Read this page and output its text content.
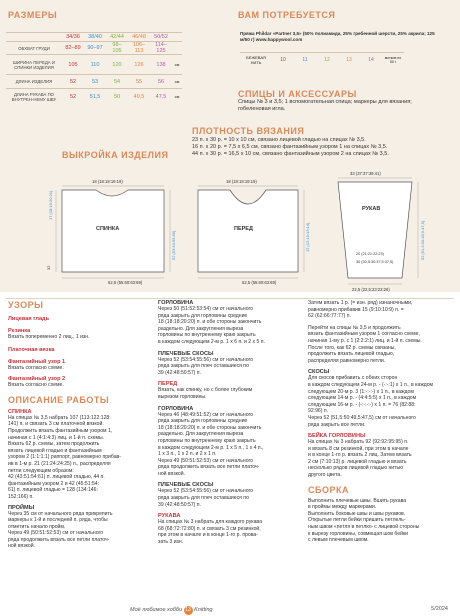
РАЗМЕРЫ
	34/36	38/40	42/44	46/48	50/52	
ОБХВАТ ГРУДИ	82–89	90–97	98–105	106–113	114–125	
ШИРИНА ПЕРЕДА И СПИНКИ ИЗДЕЛИЯ	105	110	120	126	138	см
ДЛИНА ИЗДЕЛИЯ	52	53	54	55	56	см
ДЛИНА РУКАВА ПО ВНУТРЕН-НЕМУ ШВУ	52	51,5	50	49,5	47,5	см
ВАМ ПОТРЕБУЕТСЯ
Пряжа Phildar «Partner 3,5» (50% полиамида, 25% гребенной шерсти, 25% акрила; 125 м/50 г) www.happywool.com
БЕЖЕВАЯ НИТЬ	10	11	12	13	14	мотков по 50 г
СПИЦЫ И АКСЕССУАРЫ
Спицы № 3 и 3,5; 1 вспомогательная спица; маркеры для вязания; гобеленовая игла.
ПЛОТНОСТЬ ВЯЗАНИЯ
23 п. х 30 р. = 10 х 10 см, связано лицевой гладью на спицах № 3,5.
16 п. х 20 р. = 7,5 х 6,5 см, связано фантазийным узором 1 на спицах № 3,5.
44 п. х 30 р. = 16,5 х 10 см, связано фантазийным узором 2 на спицах № 3,5.
ВЫКРОЙКА ИЗДЕЛИЯ
СПИНКА
18 (18:18:19:19)
52,5 (55:60:63:69)
17 (18:19:20:21)
52 (53:54:55:56)
32
ПЕРЕД
18 (18:18:19:19)
52,5 (55:60:63:69)
12 (12:13:13:14)
РУКАВ
33 (37:37:39:41)
20 (21:21:22:23)
30 (30,5:30:37,5:37,5)
22,5 (22,5:23:23:26)
52 (51,5:50:49,5:47,5)
УЗОРЫ
Лицевая гладь
Резинка
Вязать попеременно 2 лиц., 1 изн.
Платочная вязка
Фантазийный узор 1
Вязать согласно схеме.
Фантазийный узор 2
Вязать согласно схеме.
ОПИСАНИЕ РАБОТЫ
СПИНКА
На спицах № 3,5 набрать 107 (113:122:128:
141) п. и связать 3 см платочной вязкой.
Продолжить вязать фантазийным узором 1,
начиная с 1 (4:1:4:3) лиц. и 1-й п. схемы.
Вязать 62 р. схемы, затем продолжить
вязать лицевой гладью и фантазийным
узором 2 (1:1:1:1) раппорт, равномерно прибав-
ив в 1-м р. 21 (21:24:24:25) п., распределяя
петли следующим образом:
42 (43:51:54:61) п. лицевой гладью, 44 п.
фантазийным узором 2 и 42 (45:51:54:
61) п. лицевой гладью = 128 (134:146:
152:166) п.
ПРОЙМЫ
Через 35 см от начального ряда прикрепить
маркеры к 1-й и последней п. ряда, чтобы
отметить начало пройм.
Через 49 (50:51:52:53) см от начального
ряда продолжить вязать все петли платоч-
ной вязкой.
ГОРЛОВИНА
Через 50 (51:52:53:54) см от начального
ряда закрыть для горловины средние
18 (18:18:20:20) п. и обе стороны закончить
раздельно. Для закругления выреза
горловины по внутреннему краю закрыть
в каждом следующем 2-м р. 1 х 6 п. и 2 х 5 п.
ПЛЕЧЕВЫЕ СКОСЫ
Через 52 (53:54:55:56) см от начального
ряда закрыть для плеч оставшиеся по
39 (42:48:50:57) п.
ПЕРЕД
Вязать, как спинку, но с более глубоким
вырезом горловины.
ГОРЛОВИНА
Через 46 (48:49:51:52) см от начального
ряда закрыть для горловины средние
18 (18:18:20:20) п. и обе стороны закончить
раздельно. Для закругления выреза
горловины по внутреннему краю закрыть
в каждом следующем 2-м р. 1 х 5 п., 1 х 4 п.,
1 х 3 п., 1 х 2 п. и 2 х 1 п.
Через 49 (50:51:52:53) см от начального
ряда продолжить вязать все петли платоч-
ной вязкой.
ПЛЕЧЕВЫЕ СКОСЫ
Через 52 (53:54:55:56) см от начального
ряда закрыть для плеч оставшиеся по
39 (42:48:50:57) п.
РУКАВА
На спицах № 3 набрать для каждого рукава
68 (68:72:72:80) п. и связать 3 см резинкой,
при этом в начале и в конце 1-го р. прова-
зать 3 изн.
Затем вязать 1 р. (= изн. ряд) изнаночными,
равномерно прибавив 15 (9:10:10:9) п. =
62 (62:66:77:77) п.
Перейти на спицы № 3,5 и продолжить
вязать фантазийным узором 1 согласно схеме,
начиная 1-му р. с 1 (2:2:2:1) лиц. и 1-й п. схемы.
После того, как 62 р. схемы связаны,
продолжить вязать лицевой гладью,
распределяя равномерно петли.
СКОСЫ
Для скосов прибавить с обеих сторон
в каждом следующем 24-м р. - (-:-:1) х 1 п., в каждом
следующем 20-м р. 3 (1:-:-:-) х 1 п., в каждом
следующем 14-м р. - (4:4:5:5) х 1 п., в каждом
следующем 16-м р. - (-:-:-:-) х 1 п. = 76 (82:88:
92:96) п.
Через 52 (51,5:50:49,5:47,5) см от начального
ряда закрыть все петли.
БЕЙКА ГОРЛОВИНЫ
На спицах № 3 набрать 92 (92:92:95:95) п.
и вязать 8 см резинкой, при этом в начале
и в конце 1-го р. вязать 2 лиц. Затем вязать
2 см (7:10:13) р. лицевой гладью и вязать
несколько рядов лицевой гладью нитью
другого цвета.
СБОРКА
Выполнить плечевые швы. Вшить рукава
в проймы между маркерами.
Выполнить боковые швы и швы рукавов.
Открытые петли бейки пришить петлель-
ным швом «петля в петлю» с лицевой стороны
к вырезу горловины, совмещая шов бейки
с левым плечевым швом.
Моё любимое хобби 13 Knitting	5/2024
